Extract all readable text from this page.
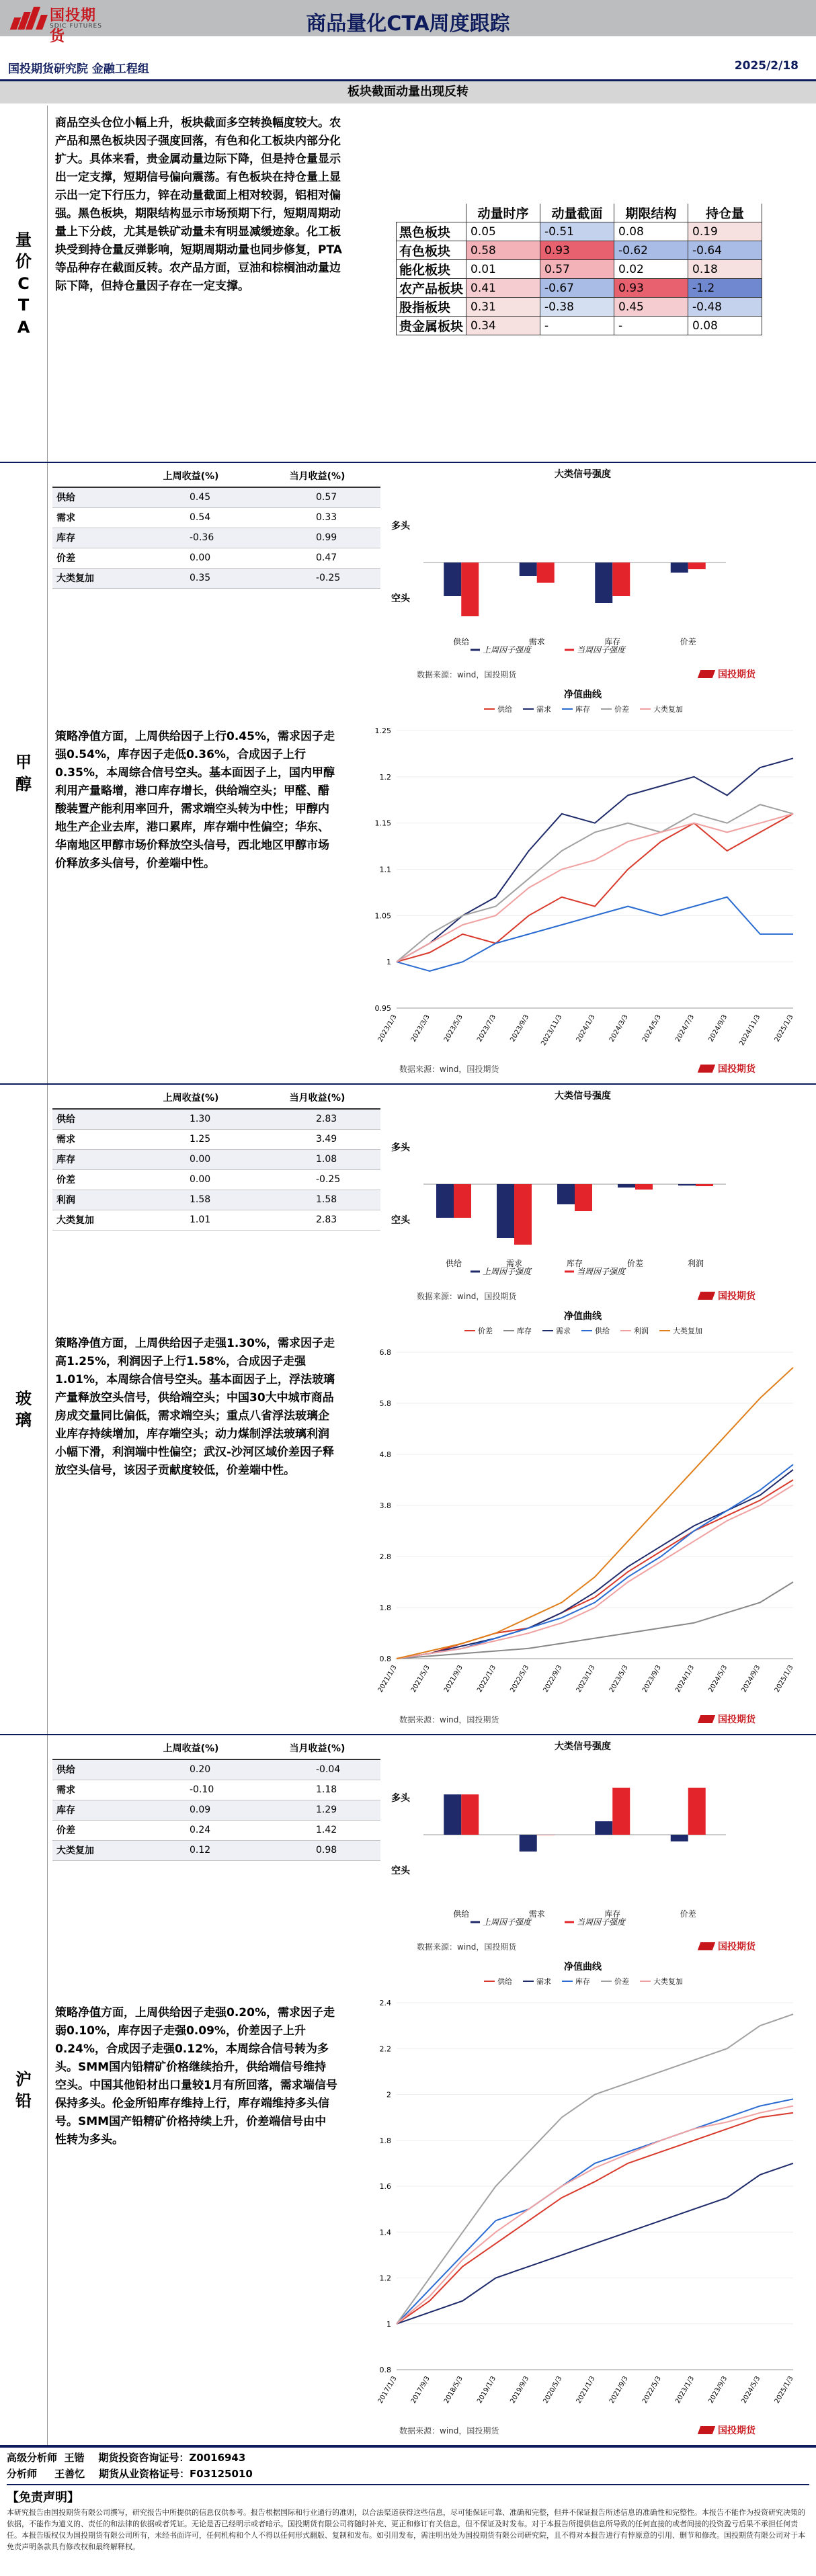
国投期货
SDIC FUTURES	商品量化CTA周度跟踪
国投期货研究院 金融工程组	2025/2/18
板块截面动量出现反转
量价CTA
商品空头仓位小幅上升，板块截面多空转换幅度较大。农产品和黑色板块因子强度回落，有色和化工板块内部分化扩大。具体来看，贵金属动量边际下降，但是持仓量显示出一定支撑，短期信号偏向震荡。有色板块在持仓量上显示出一定下行压力，锌在动量截面上相对较弱，铝相对偏强。黑色板块，期限结构显示市场预期下行，短期周期动量上下分歧，尤其是铁矿动量未有明显减缓迹象。化工板块受到持仓量反弹影响，短期周期动量也同步修复，PTA等品种存在截面反转。农产品方面，豆油和棕榈油动量边际下降，但持仓量因子存在一定支撑。
	动量时序	动量截面	期限结构	持仓量
黑色板块	0.05	-0.51	0.08	0.19
有色板块	0.58	0.93	-0.62	-0.64
能化板块	0.01	0.57	0.02	0.18
农产品板块	0.41	-0.67	0.93	-1.2
股指板块	0.31	-0.38	0.45	-0.48
贵金属板块	0.34	-	-	0.08
甲醇
	上周收益(%)	当月收益(%)
供给	0.45	0.57
需求	0.54	0.33
库存	-0.36	0.99
价差	0.00	0.47
大类复加	0.35	-0.25
策略净值方面，上周供给因子上行0.45%，需求因子走强0.54%，库存因子走低0.36%，合成因子上行0.35%，本周综合信号空头。基本面因子上，国内甲醇利用产量略增，港口库存增长，供给端空头；甲醛、醋酸装置产能利用率回升，需求端空头转为中性；甲醇内地生产企业去库，港口累库，库存端中性偏空；华东、华南地区甲醇市场价释放空头信号，西北地区甲醇市场价释放多头信号，价差端中性。
大类信号强度
多头
空头
供给	需求	库存	价差
上周因子强度	当周因子强度
数据来源：wind，国投期货	国投期货
净值曲线
供给	需求	库存	价差	大类复加
1.25
1.2
1.15
1.1
1.05
1
0.95
2023/1/3 2023/3/3 2023/5/3 2023/7/3 2023/9/3 2023/11/3 2024/1/3 2024/3/3 2024/5/3 2024/7/3 2024/9/3 2024/11/3 2025/1/3
数据来源：wind，国投期货	国投期货
玻璃
	上周收益(%)	当月收益(%)
供给	1.30	2.83
需求	1.25	3.49
库存	0.00	1.08
价差	0.00	-0.25
利润	1.58	1.58
大类复加	1.01	2.83
策略净值方面，上周供给因子走强1.30%，需求因子走高1.25%，利润因子上行1.58%，合成因子走强1.01%，本周综合信号空头。基本面因子上，浮法玻璃产量释放空头信号，供给端空头；中国30大中城市商品房成交量同比偏低，需求端空头；重点八省浮法玻璃企业库存持续增加，库存端空头；动力煤制浮法玻璃利润小幅下滑，利润端中性偏空；武汉-沙河区域价差因子释放空头信号，该因子贡献度较低，价差端中性。
大类信号强度
多头
空头
供给	需求	库存	价差	利润
上周因子强度	当周因子强度
数据来源：wind，国投期货	国投期货
净值曲线
价差	库存	需求	供给	利润	大类复加
6.8
5.8
4.8
3.8
2.8
1.8
0.8
2021/1/3 2021/5/3 2021/9/3 2022/1/3 2022/5/3 2022/9/3 2023/1/3 2023/5/3 2023/9/3 2024/1/3 2024/5/3 2024/9/3 2025/1/3
数据来源：wind，国投期货	国投期货
沪铅
	上周收益(%)	当月收益(%)
供给	0.20	-0.04
需求	-0.10	1.18
库存	0.09	1.29
价差	0.24	1.42
大类复加	0.12	0.98
策略净值方面，上周供给因子走强0.20%，需求因子走弱0.10%，库存因子走强0.09%，价差因子上升0.24%，合成因子走强0.12%，本周综合信号转为多头。SMM国内铅精矿价格继续抬升，供给端信号维持空头。中国其他铅材出口量较1月有所回落，需求端信号保持多头。伦金所铅库存维持上行，库存端维持多头信号。SMM国产铅精矿价格持续上升，价差端信号由中性转为多头。
大类信号强度
多头
空头
供给	需求	库存	价差
上周因子强度	当周因子强度
数据来源：wind，国投期货	国投期货
净值曲线
供给	需求	库存	价差	大类复加
2.4
2.2
2
1.8
1.6
1.4
1.2
1
0.8
2017/1/3 2017/9/3 2018/5/3 2019/1/3 2019/9/3 2020/5/3 2021/1/3 2021/9/3 2022/5/3 2023/1/3 2023/9/3 2024/5/3 2025/1/3
数据来源：wind，国投期货	国投期货
高级分析师 王锴 期货投资咨询证号：Z0016943
分析师 王善忆 期货从业资格证号：F03125010
【免责声明】
本研究报告由国投期货有限公司撰写，研究报告中所提供的信息仅供参考。报告根据国际和行业通行的准则，以合法渠道获得这些信息，尽可能保证可靠、准确和完整，但并不保证报告所述信息的准确性和完整性。本报告不能作为投资研究决策的依据，不能作为道义的、责任的和法律的依据或者凭证。无论是否已经明示或者暗示。国投期货有限公司将随时补充、更正和修订有关信息，但不保证及时发布。对于本报告所提供信息所导致的任何直接的或者间接的投资盈亏后果不承担任何责任。本报告版权仅为国投期货有限公司所有，未经书面许可，任何机构和个人不得以任何形式翻版、复制和发布。如引用发布，需注明出处为国投期货有限公司研究院，且不得对本报告进行有悖原意的引用、删节和修改。国投期货有限公司对于本免责声明条款具有修改权和最终解释权。
